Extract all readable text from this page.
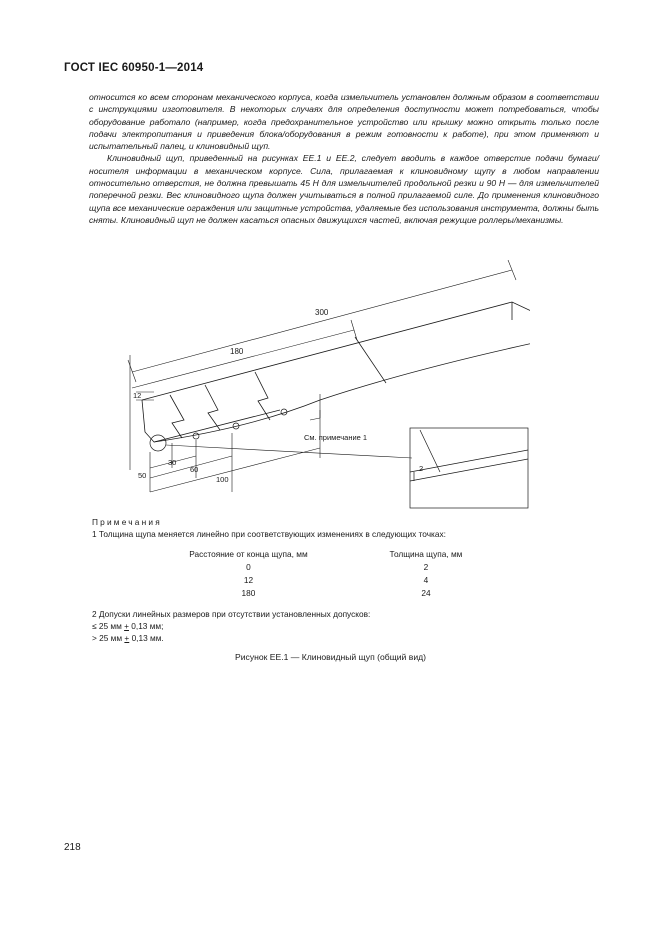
ГОСТ IEC 60950-1—2014

относится ко всем сторонам механического корпуса, когда измельчитель установлен должным образом в соответствии с инструкциями изготовителя. В некоторых случаях для определения доступности может потребоваться, чтобы оборудование работало (например, когда предохранительное устройство или крышку можно открыть только после подачи электропитания и приведения блока/оборудования в режим готовности к работе), при этом применяют и испытательный палец, и клиновидный щуп.

Клиновидный щуп, приведенный на рисунках EE.1 и EE.2, следует вводить в каждое отверстие подачи бумаги/носителя информации в механическом корпусе. Сила, прилагаемая к клиновидному щупу в любом направлении относительно отверстия, не должна превышать 45 Н для измельчителей продольной резки и 90 Н — для измельчителей поперечной резки. Вес клиновидного щупа должен учитываться в полной прилагаемой силе. До применения клиновидного щупа все механические ограждения или защитные устройства, удаляемые без использования инструмента, должны быть сняты. Клиновидный щуп не должен касаться опасных движущихся частей, включая режущие роллеры/механизмы.

300
180
12
30
60
100
50
См. примечание 1
2
Примечания
1 Толщина щупа меняется линейно при соответствующих изменениях в следующих точках:
Расстояние от конца щупа, мм	Толщина щупа, мм
0	2
12	4
180	24
2 Допуски линейных размеров при отсутствии установленных допусков:
≤ 25 мм + 0,13 мм;
> 25 мм + 0,13 мм.
Рисунок EE.1 — Клиновидный щуп (общий вид)
218
